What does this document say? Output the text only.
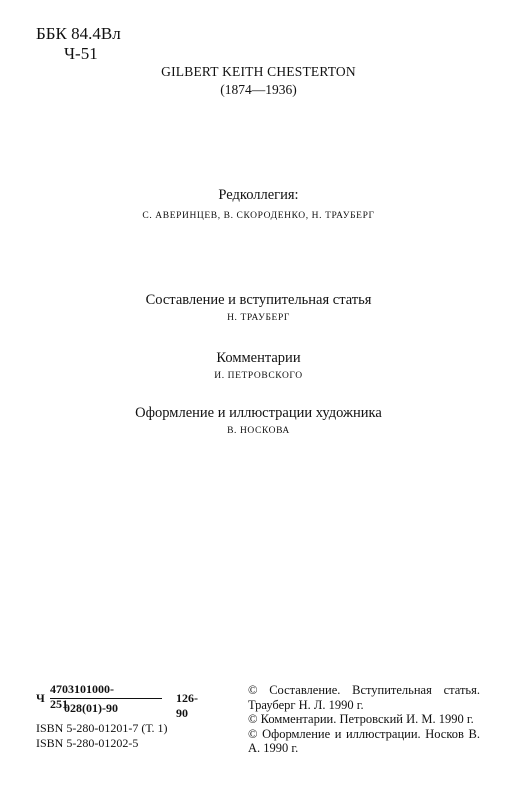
ББК 84.4Вл
Ч-51
GILBERT KEITH CHESTERTON
(1874—1936)
Редколлегия:
С. АВЕРИНЦЕВ, В. СКОРОДЕНКО, Н. ТРАУБЕРГ
Составление и вступительная статья
Н. ТРАУБЕРГ
Комментарии
И. ПЕТРОВСКОГО
Оформление и иллюстрации художника
В. НОСКОВА
Ч
4703101000-251
028(01)-90
126-90
ISBN 5-280-01201-7 (Т. 1)
ISBN 5-280-01202-5
© Составление. Вступительная статья. Трауберг Н. Л. 1990 г.
© Комментарии. Петровский И. М. 1990 г.
© Оформление и иллюстрации. Носков В. А. 1990 г.
